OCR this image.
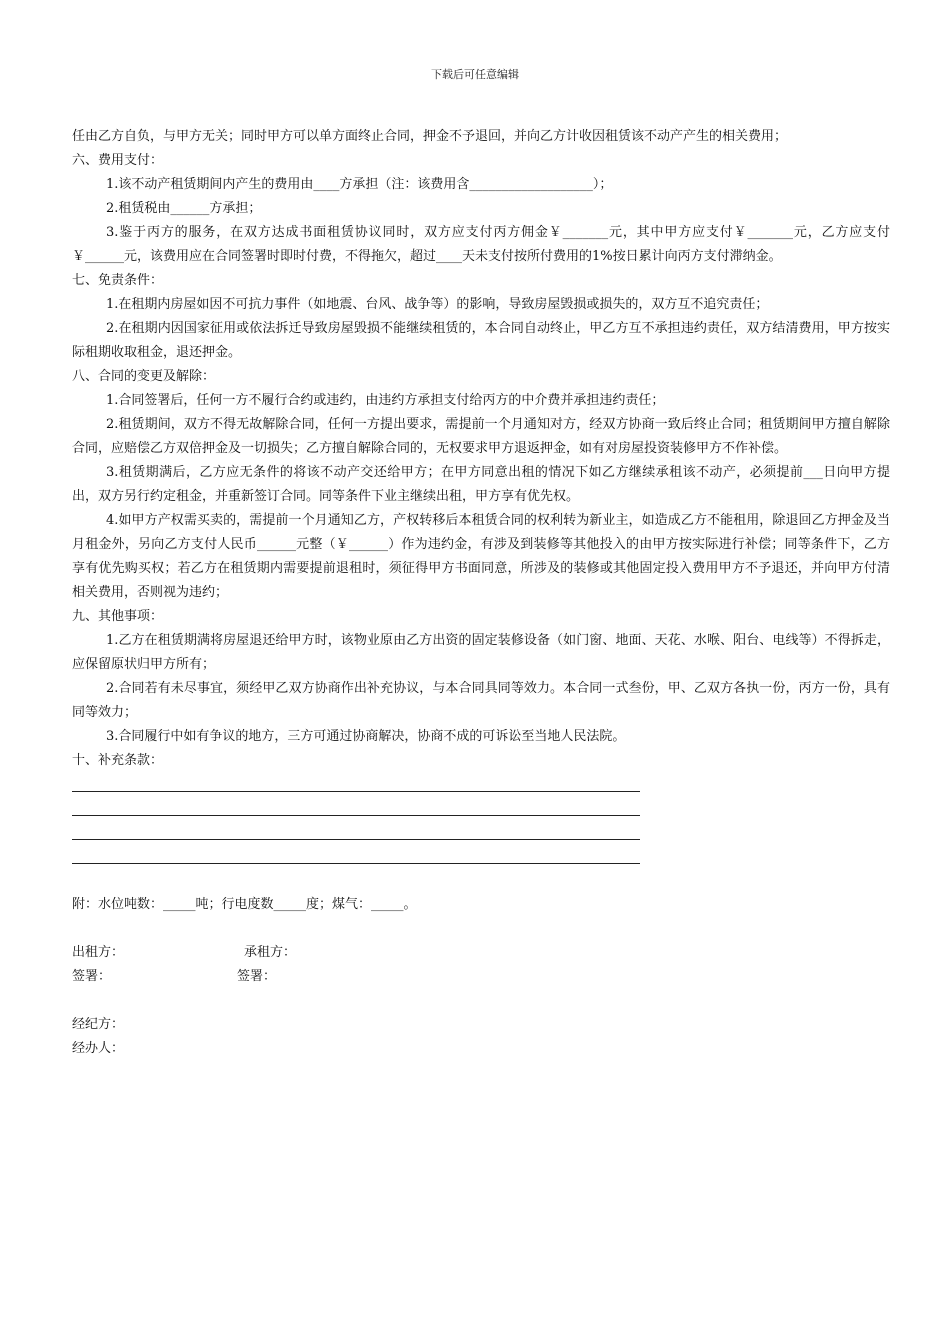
下载后可任意编辑

任由乙方自负，与甲方无关；同时甲方可以单方面终止合同，押金不予退回，并向乙方计收因租赁该不动产产生的相关费用；

六、费用支付：

1.该不动产租赁期间内产生的费用由____方承担（注：该费用含___________________）；

2.租赁税由______方承担；

3.鉴于丙方的服务，在双方达成书面租赁协议同时，双方应支付丙方佣金￥_______元，其中甲方应支付￥_______元，乙方应支付￥______元，该费用应在合同签署时即时付费，不得拖欠，超过____天未支付按所付费用的1%按日累计向丙方支付滞纳金。

七、免责条件：

1.在租期内房屋如因不可抗力事件（如地震、台风、战争等）的影响，导致房屋毁损或损失的，双方互不追究责任；

2.在租期内因国家征用或依法拆迁导致房屋毁损不能继续租赁的，本合同自动终止，甲乙方互不承担违约责任，双方结清费用，甲方按实际租期收取租金，退还押金。

八、合同的变更及解除：

1.合同签署后，任何一方不履行合约或违约，由违约方承担支付给丙方的中介费并承担违约责任；

2.租赁期间，双方不得无故解除合同，任何一方提出要求，需提前一个月通知对方，经双方协商一致后终止合同；租赁期间甲方擅自解除合同，应赔偿乙方双倍押金及一切损失；乙方擅自解除合同的，无权要求甲方退返押金，如有对房屋投资装修甲方不作补偿。

3.租赁期满后，乙方应无条件的将该不动产交还给甲方；在甲方同意出租的情况下如乙方继续承租该不动产，必须提前___日向甲方提出，双方另行约定租金，并重新签订合同。同等条件下业主继续出租，甲方享有优先权。

4.如甲方产权需买卖的，需提前一个月通知乙方，产权转移后本租赁合同的权利转为新业主，如造成乙方不能租用，除退回乙方押金及当月租金外，另向乙方支付人民币______元整（￥______）作为违约金，有涉及到装修等其他投入的由甲方按实际进行补偿；同等条件下，乙方享有优先购买权；若乙方在租赁期内需要提前退租时，须征得甲方书面同意，所涉及的装修或其他固定投入费用甲方不予退还，并向甲方付清相关费用，否则视为违约；

九、其他事项：

1.乙方在租赁期满将房屋退还给甲方时，该物业原由乙方出资的固定装修设备（如门窗、地面、天花、水喉、阳台、电线等）不得拆走，应保留原状归甲方所有；

2.合同若有未尽事宜，须经甲乙双方协商作出补充协议，与本合同具同等效力。本合同一式叁份，甲、乙双方各执一份，丙方一份，具有同等效力；

3.合同履行中如有争议的地方，三方可通过协商解决，协商不成的可诉讼至当地人民法院。

十、补充条款：

附：水位吨数：_____吨；行电度数_____度；煤气：_____。

出租方：	承租方：
签署：	签署：

经纪方：

经办人：
